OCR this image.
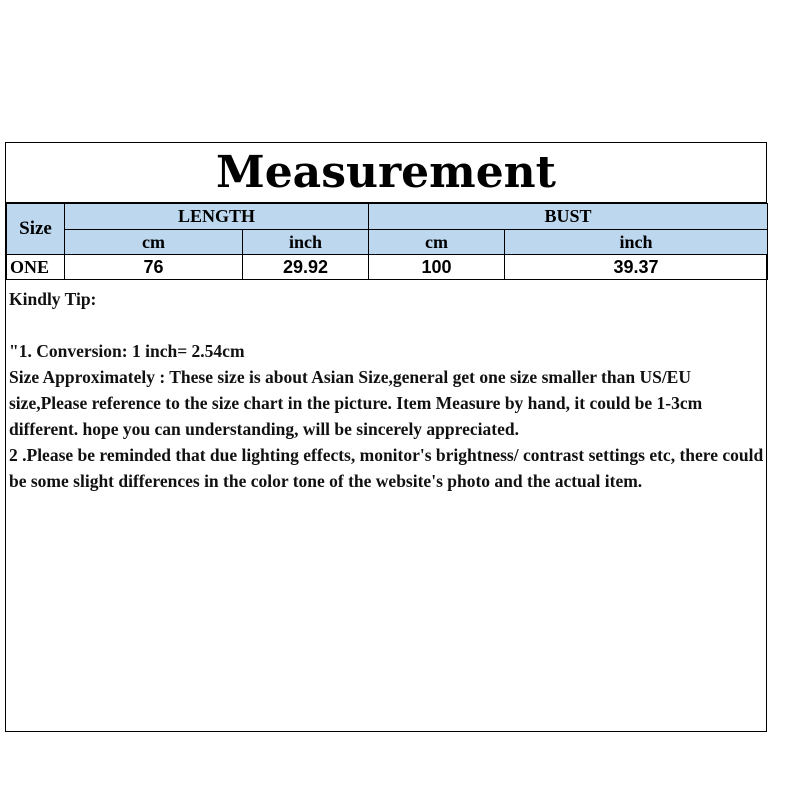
Measurement
Size	LENGTH		BUST	
	cm	inch	cm	inch
ONE	76	29.92	100	39.37

Kindly Tip:

"1. Conversion: 1 inch= 2.54cm

Size Approximately : These size is about Asian Size,general get one size smaller than US/EU size,Please reference to the size chart in the picture. Item Measure by hand, it could be 1-3cm different. hope you can understanding, will be sincerely appreciated.

2 .Please be reminded that due lighting effects, monitor's brightness/ contrast settings etc, there could be some slight differences in the color tone of the website's photo and the actual item.
